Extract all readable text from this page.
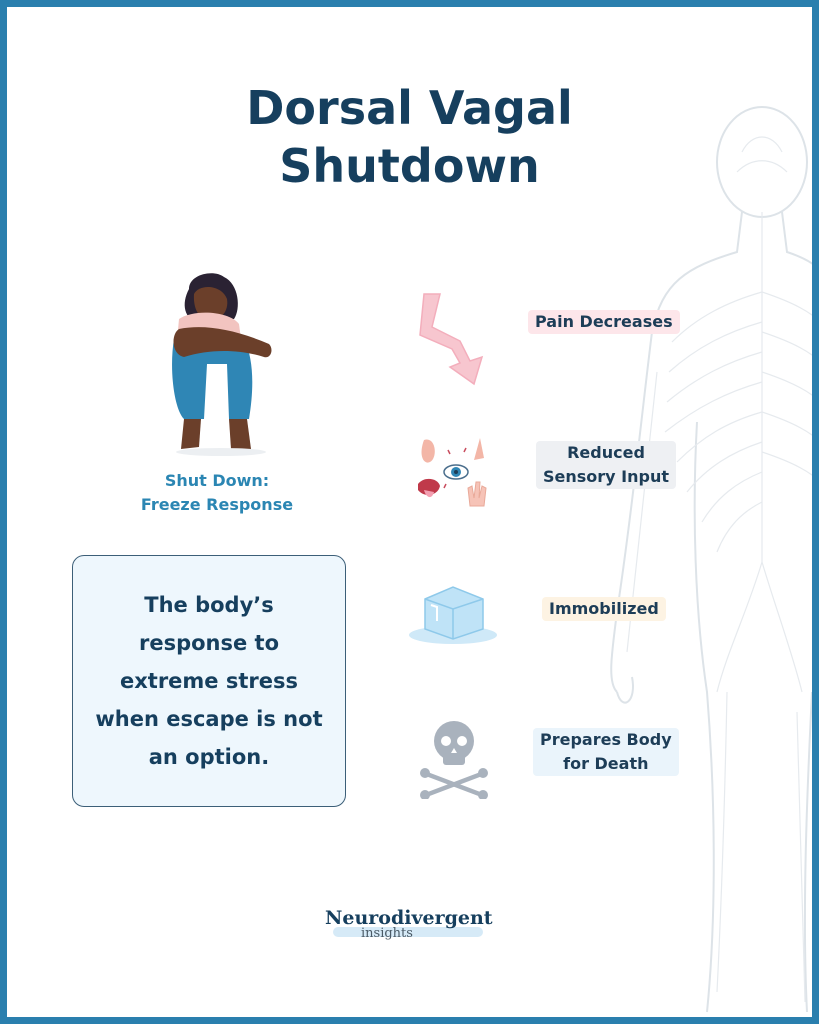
Dorsal Vagal
Shutdown
Shut Down:
Freeze Response
The body’s response to extreme stress when escape is not an option.
Pain Decreases
Reduced
Sensory Input
Immobilized
Prepares Body
for Death
Neurodivergent
insights
